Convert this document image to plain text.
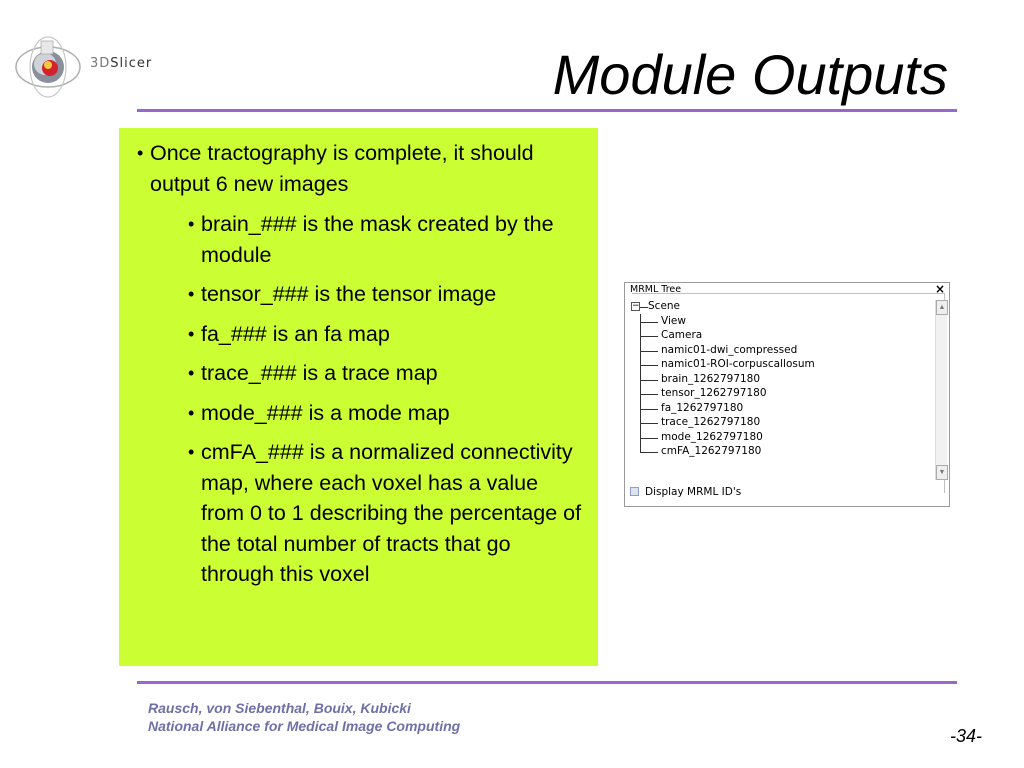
3DSlicer	Module Outputs
• Once tractography is complete, it should output 6 new images
• brain_### is the mask created by the module
• tensor_### is the tensor image
• fa_### is an fa map
• trace_### is a trace map
• mode_### is a mode map
• cmFA_### is a normalized connectivity map, where each voxel has a value from 0 to 1 describing the percentage of the total number of tracts that go through this voxel
MRML Tree	×
− Scene
View
Camera
namic01-dwi_compressed
namic01-ROI-corpuscallosum
brain_1262797180
tensor_1262797180
fa_1262797180
trace_1262797180
mode_1262797180
cmFA_1262797180
▲
▼
Display MRML ID's
Rausch, von Siebenthal, Bouix, Kubicki
National Alliance for Medical Image Computing	-34-
